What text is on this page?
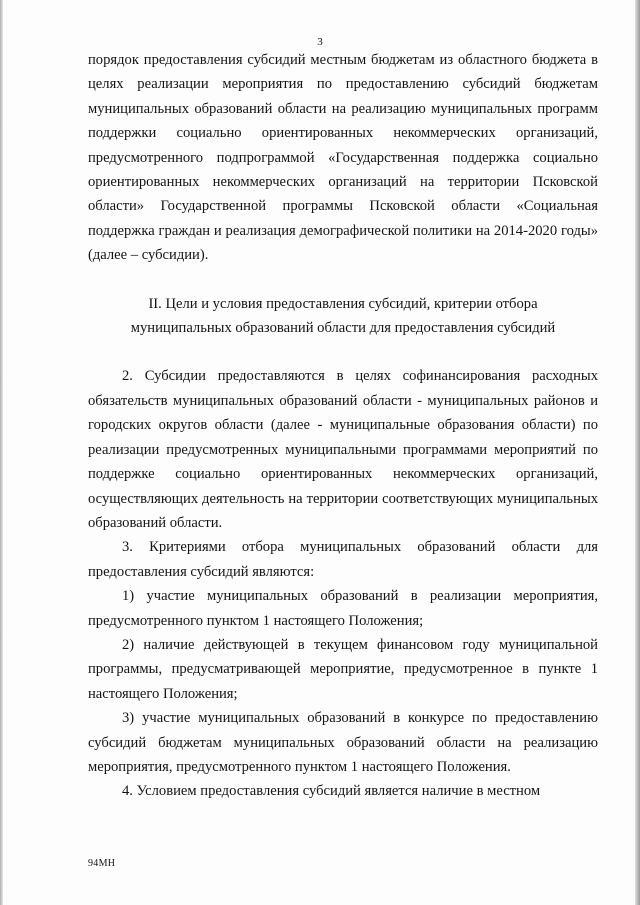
3

порядок предоставления субсидий местным бюджетам из областного бюджета в целях реализации мероприятия по предоставлению субсидий бюджетам муниципальных образований области на реализацию муниципальных программ поддержки социально ориентированных некоммерческих организаций, предусмотренного подпрограммой «Государственная поддержка социально ориентированных некоммерческих организаций на территории Псковской области» Государственной программы Псковской области «Социальная поддержка граждан и реализация демографической политики на 2014-2020 годы» (далее – субсидии).

II. Цели и условия предоставления субсидий, критерии отбора
муниципальных образований области для предоставления субсидий

2. Субсидии предоставляются в целях софинансирования расходных обязательств муниципальных образований области - муниципальных районов и городских округов области (далее - муниципальные образования области) по реализации предусмотренных муниципальными программами мероприятий по поддержке социально ориентированных некоммерческих организаций, осуществляющих деятельность на территории соответствующих муниципальных образований области.

3. Критериями отбора муниципальных образований области для предоставления субсидий являются:

1) участие муниципальных образований в реализации мероприятия, предусмотренного пунктом 1 настоящего Положения;

2) наличие действующей в текущем финансовом году муниципальной программы, предусматривающей мероприятие, предусмотренное в пункте 1 настоящего Положения;

3) участие муниципальных образований в конкурсе по предоставлению субсидий бюджетам муниципальных образований области на реализацию мероприятия, предусмотренного пунктом 1 настоящего Положения.

4. Условием предоставления субсидий является наличие в местном

94МН
